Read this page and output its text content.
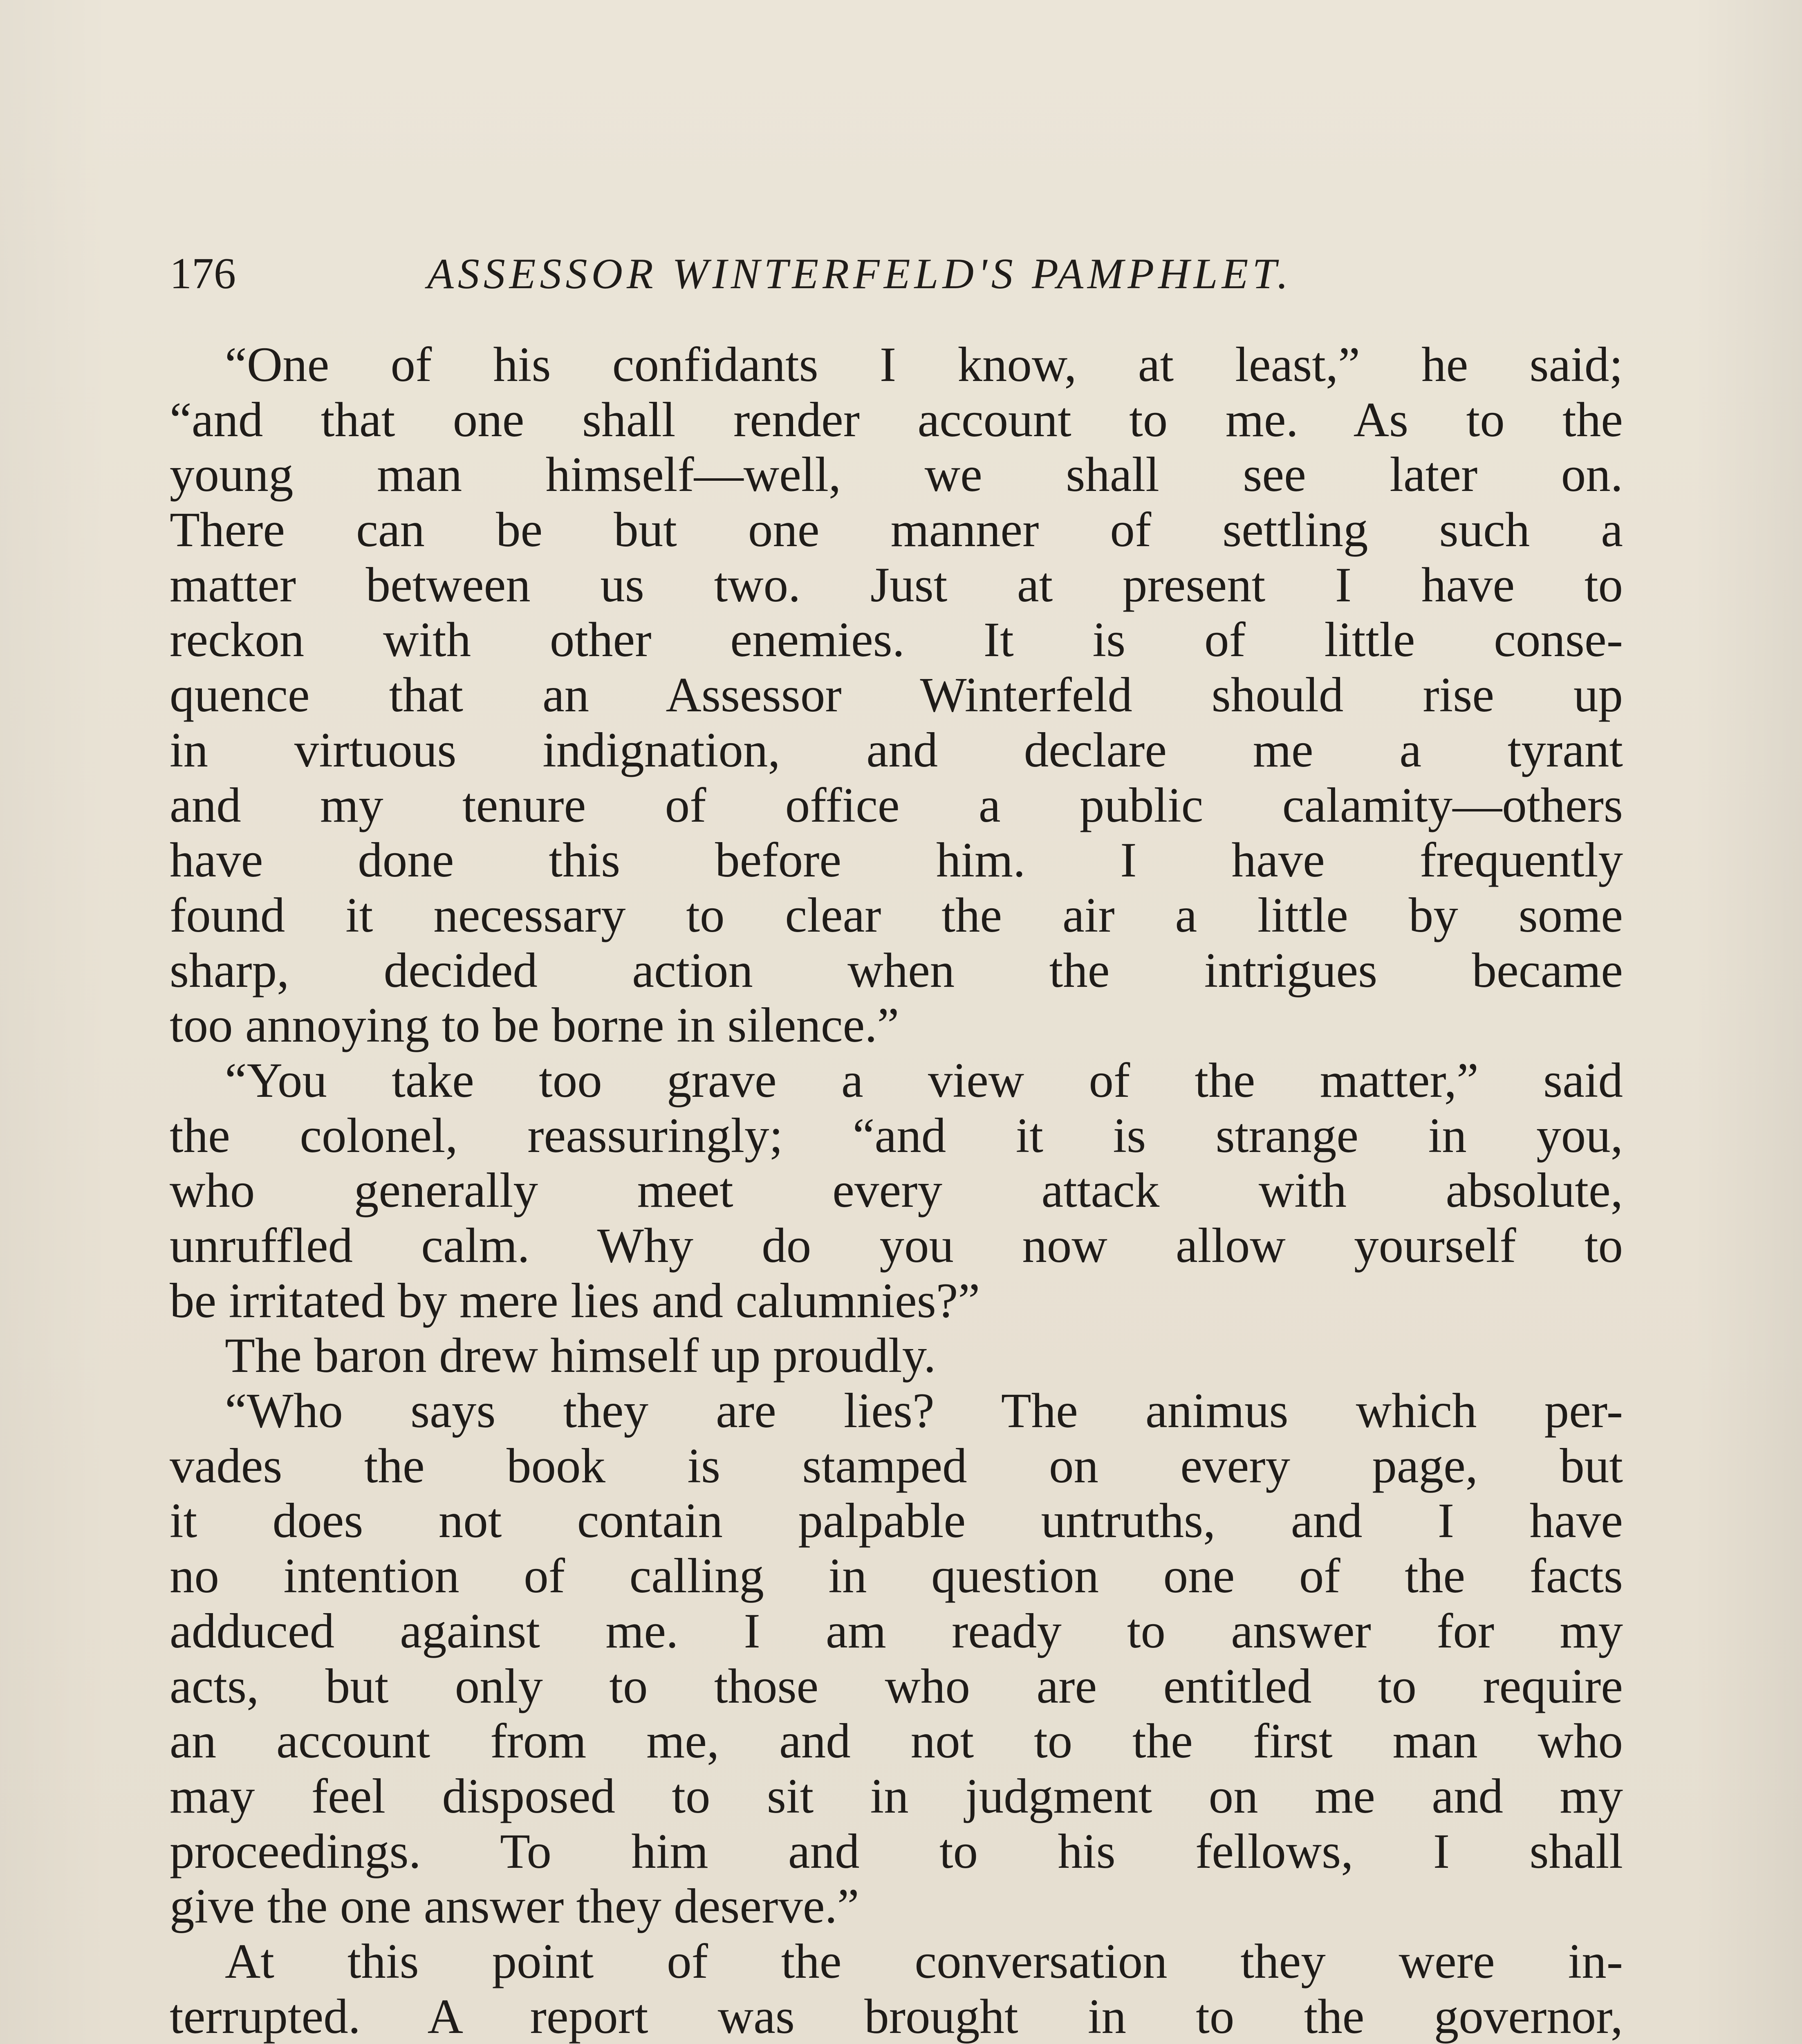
176	ASSESSOR WINTERFELD'S PAMPHLET.
“One of his confidants I know, at least,” he said;
“and that one shall render account to me. As to the
young man himself—well, we shall see later on.
There can be but one manner of settling such a
matter between us two. Just at present I have to
reckon with other enemies. It is of little conse-
quence that an Assessor Winterfeld should rise up
in virtuous indignation, and declare me a tyrant
and my tenure of office a public calamity—others
have done this before him. I have frequently
found it necessary to clear the air a little by some
sharp, decided action when the intrigues became
too annoying to be borne in silence.”
“You take too grave a view of the matter,” said
the colonel, reassuringly; “and it is strange in you,
who generally meet every attack with absolute,
unruffled calm. Why do you now allow yourself to
be irritated by mere lies and calumnies?”
The baron drew himself up proudly.
“Who says they are lies? The animus which per-
vades the book is stamped on every page, but
it does not contain palpable untruths, and I have
no intention of calling in question one of the facts
adduced against me. I am ready to answer for my
acts, but only to those who are entitled to require
an account from me, and not to the first man who
may feel disposed to sit in judgment on me and my
proceedings. To him and to his fellows, I shall
give the one answer they deserve.”
At this point of the conversation they were in-
terrupted. A report was brought in to the governor,
